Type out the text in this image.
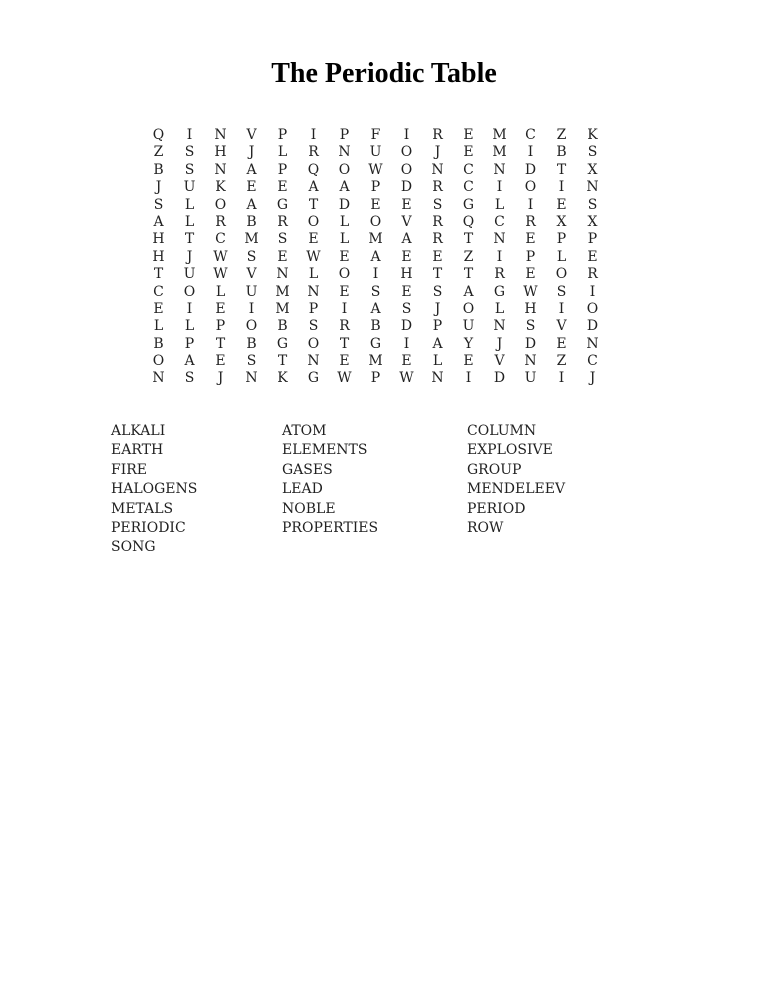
The Periodic Table
Q	I	N	V	P	I	P	F	I	R	E	M	C	Z	K
Z	S	H	J	L	R	N	U	O	J	E	M	I	B	S
B	S	N	A	P	Q	O	W	O	N	C	N	D	T	X
J	U	K	E	E	A	A	P	D	R	C	I	O	I	N
S	L	O	A	G	T	D	E	E	S	G	L	I	E	S
A	L	R	B	R	O	L	O	V	R	Q	C	R	X	X
H	T	C	M	S	E	L	M	A	R	T	N	E	P	P
H	J	W	S	E	W	E	A	E	E	Z	I	P	L	E
T	U	W	V	N	L	O	I	H	T	T	R	E	O	R
C	O	L	U	M	N	E	S	E	S	A	G	W	S	I
E	I	E	I	M	P	I	A	S	J	O	L	H	I	O
L	L	P	O	B	S	R	B	D	P	U	N	S	V	D
B	P	T	B	G	O	T	G	I	A	Y	J	D	E	N
O	A	E	S	T	N	E	M	E	L	E	V	N	Z	C
N	S	J	N	K	G	W	P	W	N	I	D	U	I	J
ALKALI
EARTH
FIRE
HALOGENS
METALS
PERIODIC
SONG
ATOM
ELEMENTS
GASES
LEAD
NOBLE
PROPERTIES
COLUMN
EXPLOSIVE
GROUP
MENDELEEV
PERIOD
ROW
